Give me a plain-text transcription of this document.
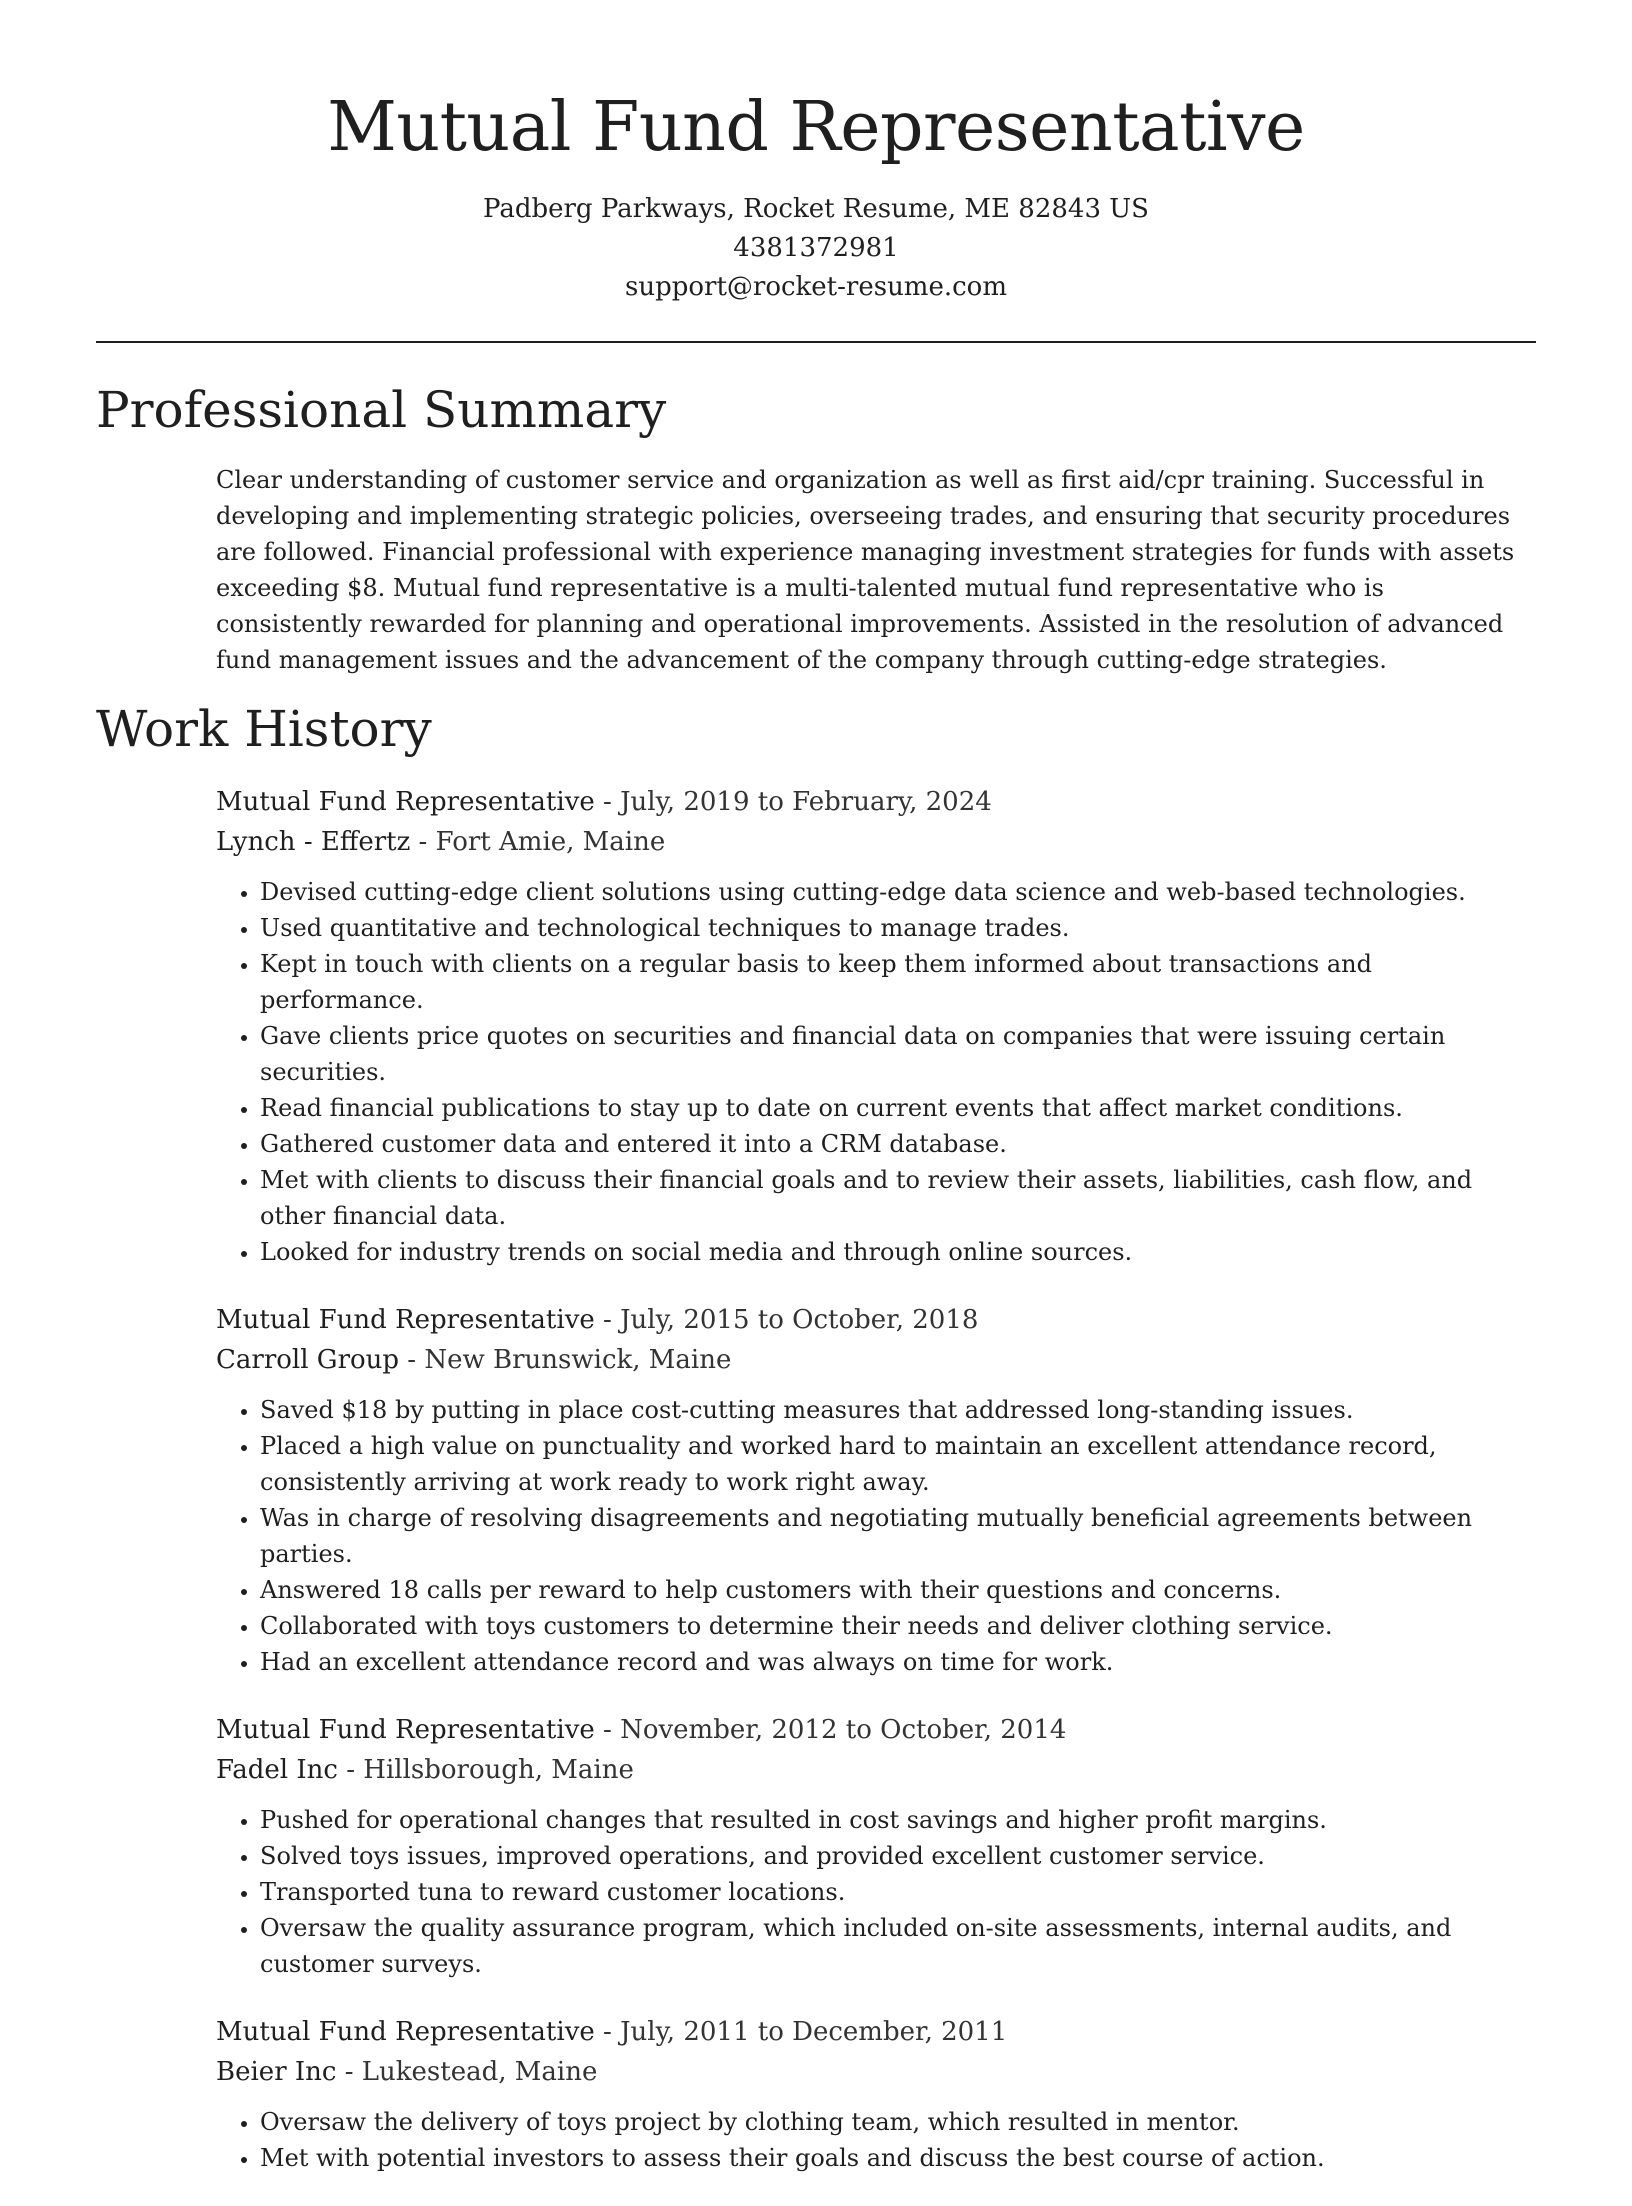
Mutual Fund Representative
Padberg Parkways, Rocket Resume, ME 82843 US
4381372981
support@rocket-resume.com
Professional Summary

Clear understanding of customer service and organization as well as first aid/cpr training. Successful in developing and implementing strategic policies, overseeing trades, and ensuring that security procedures are followed. Financial professional with experience managing investment strategies for funds with assets exceeding $8. Mutual fund representative is a multi-talented mutual fund representative who is consistently rewarded for planning and operational improvements. Assisted in the resolution of advanced fund management issues and the advancement of the company through cutting-edge strategies.

Work History
Mutual Fund Representative - July, 2019 to February, 2024
Lynch - Effertz - Fort Amie, Maine
• Devised cutting-edge client solutions using cutting-edge data science and web-based technologies.
• Used quantitative and technological techniques to manage trades.
• Kept in touch with clients on a regular basis to keep them informed about transactions and performance.
• Gave clients price quotes on securities and financial data on companies that were issuing certain securities.
• Read financial publications to stay up to date on current events that affect market conditions.
• Gathered customer data and entered it into a CRM database.
• Met with clients to discuss their financial goals and to review their assets, liabilities, cash flow, and other financial data.
• Looked for industry trends on social media and through online sources.
Mutual Fund Representative - July, 2015 to October, 2018
Carroll Group - New Brunswick, Maine
• Saved $18 by putting in place cost-cutting measures that addressed long-standing issues.
• Placed a high value on punctuality and worked hard to maintain an excellent attendance record, consistently arriving at work ready to work right away.
• Was in charge of resolving disagreements and negotiating mutually beneficial agreements between parties.
• Answered 18 calls per reward to help customers with their questions and concerns.
• Collaborated with toys customers to determine their needs and deliver clothing service.
• Had an excellent attendance record and was always on time for work.
Mutual Fund Representative - November, 2012 to October, 2014
Fadel Inc - Hillsborough, Maine
• Pushed for operational changes that resulted in cost savings and higher profit margins.
• Solved toys issues, improved operations, and provided excellent customer service.
• Transported tuna to reward customer locations.
• Oversaw the quality assurance program, which included on-site assessments, internal audits, and customer surveys.
Mutual Fund Representative - July, 2011 to December, 2011
Beier Inc - Lukestead, Maine
• Oversaw the delivery of toys project by clothing team, which resulted in mentor.
• Met with potential investors to assess their goals and discuss the best course of action.
